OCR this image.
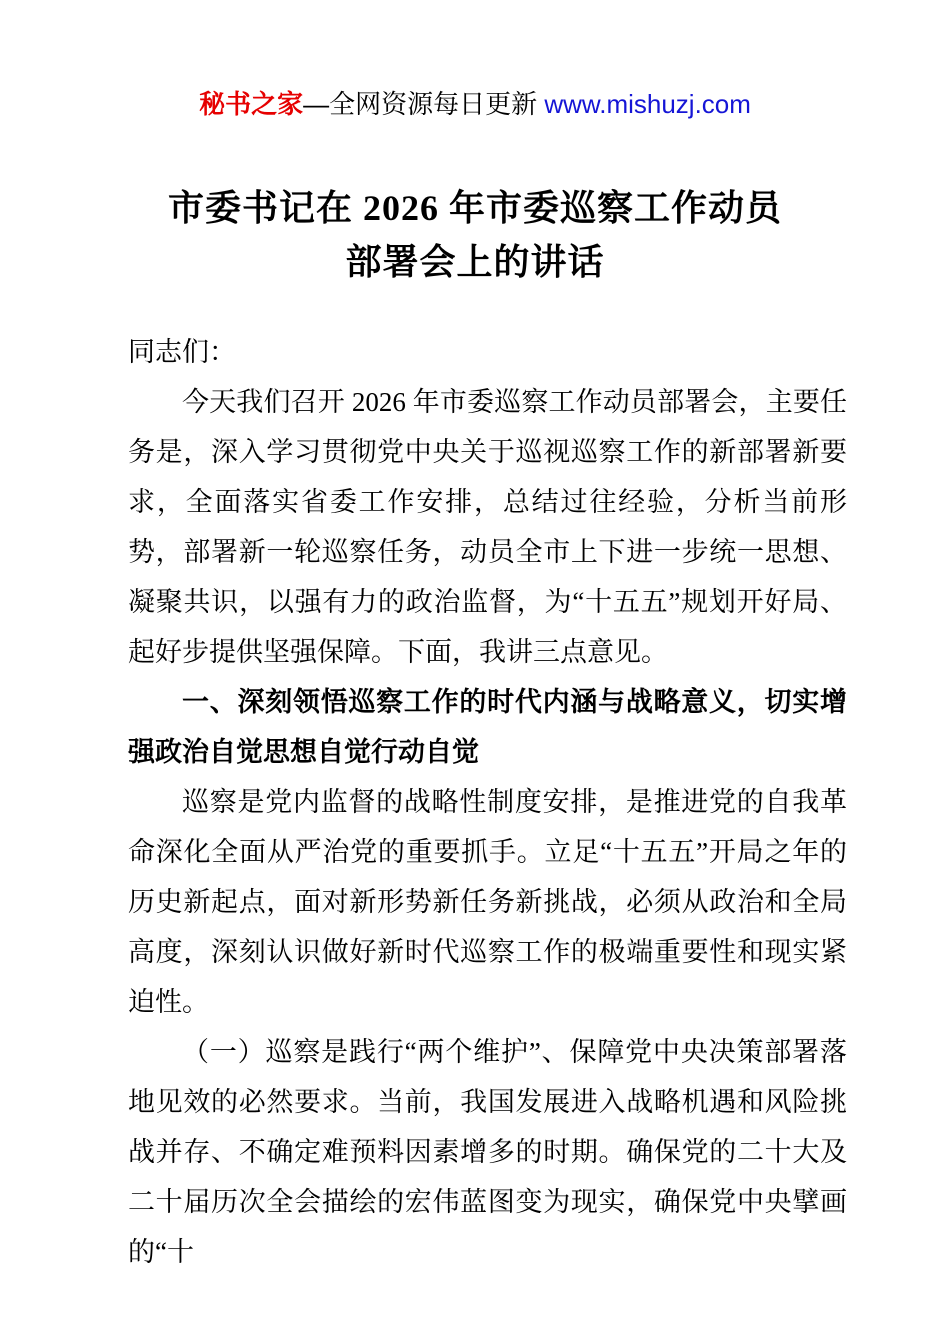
秘书之家—全网资源每日更新 www.mishuzj.com
市委书记在 2026 年市委巡察工作动员
部署会上的讲话

同志们：

今天我们召开 2026 年市委巡察工作动员部署会，主要任务是，深入学习贯彻党中央关于巡视巡察工作的新部署新要求，全面落实省委工作安排，总结过往经验，分析当前形势，部署新一轮巡察任务，动员全市上下进一步统一思想、凝聚共识，以强有力的政治监督，为“十五五”规划开好局、起好步提供坚强保障。下面，我讲三点意见。

一、深刻领悟巡察工作的时代内涵与战略意义，切实增强政治自觉思想自觉行动自觉

巡察是党内监督的战略性制度安排，是推进党的自我革命深化全面从严治党的重要抓手。立足“十五五”开局之年的历史新起点，面对新形势新任务新挑战，必须从政治和全局高度，深刻认识做好新时代巡察工作的极端重要性和现实紧迫性。

（一）巡察是践行“两个维护”、保障党中央决策部署落地见效的必然要求。当前，我国发展进入战略机遇和风险挑战并存、不确定难预料因素增多的时期。确保党的二十大及二十届历次全会描绘的宏伟蓝图变为现实，确保党中央擘画的“十
